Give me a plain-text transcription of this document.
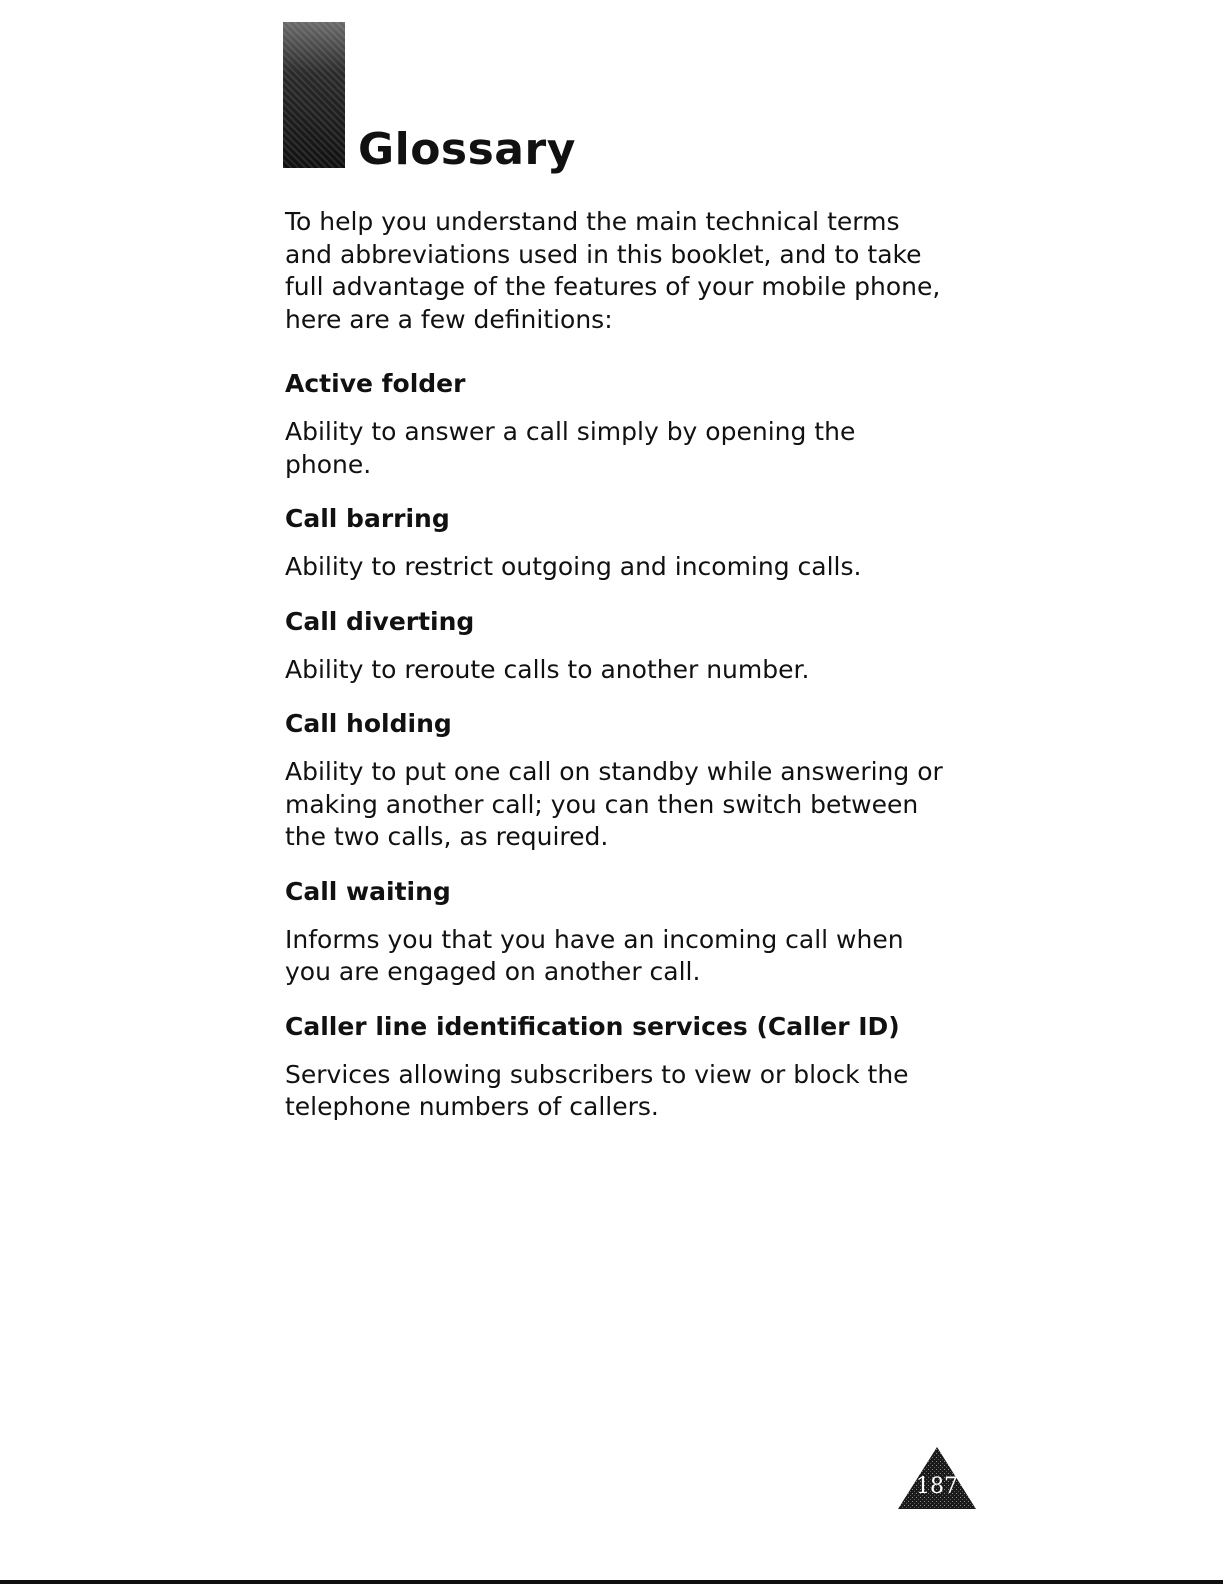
Glossary

To help you understand the main technical terms and abbreviations used in this booklet, and to take full advantage of the features of your mobile phone, here are a few definitions:

Active folder

Ability to answer a call simply by opening the phone.

Call barring

Ability to restrict outgoing and incoming calls.

Call diverting

Ability to reroute calls to another number.

Call holding

Ability to put one call on standby while answering or making another call; you can then switch between the two calls, as required.

Call waiting

Informs you that you have an incoming call when you are engaged on another call.

Caller line identification services (Caller ID)

Services allowing subscribers to view or block the telephone numbers of callers.

187
